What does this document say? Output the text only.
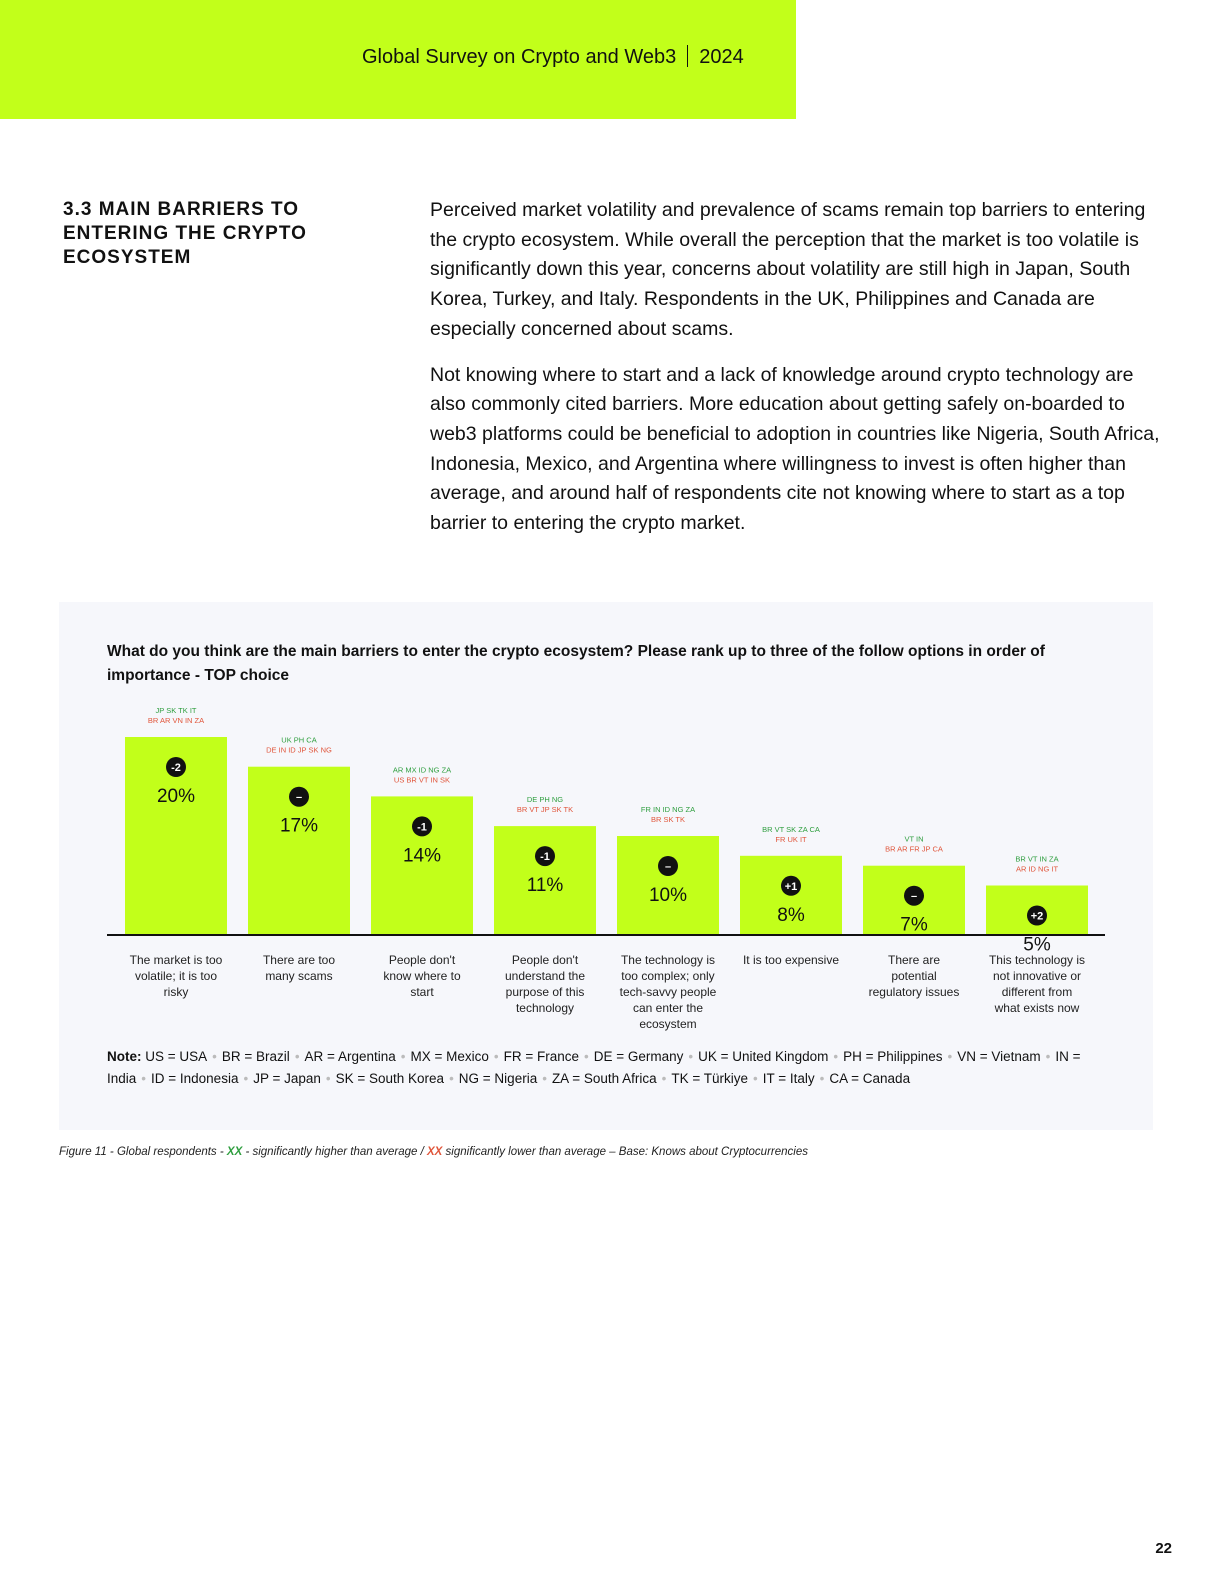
Global Survey on Crypto and Web3 2024
3.3 MAIN BARRIERS TO ENTERING THE CRYPTO ECOSYSTEM

Perceived market volatility and prevalence of scams remain top barriers to entering the crypto ecosystem. While overall the perception that the market is too volatile is significantly down this year, concerns about volatility are still high in Japan, South Korea, Turkey, and Italy. Respondents in the UK, Philippines and Canada are especially concerned about scams.

Not knowing where to start and a lack of knowledge around crypto technology are also commonly cited barriers. More education about getting safely on-boarded to web3 platforms could be beneficial to adoption in countries like Nigeria, South Africa, Indonesia, Mexico, and Argentina where willingness to invest is often higher than average, and around half of respondents cite not knowing where to start as a top barrier to entering the crypto market.

JP SK TK IT
BR AR VN IN ZA
-2
20%
The market is too
volatile; it is too
risky
UK PH CA
DE IN ID JP SK NG
–
17%
There are too
many scams
AR MX ID NG ZA
US BR VT IN SK
-1
14%
People don't
know where to
start
DE PH NG
BR VT JP SK TK
-1
11%
People don't
understand the
purpose of this
technology
FR IN ID NG ZA
BR SK TK
–
10%
The technology is
too complex; only
tech-savvy people
can enter the
ecosystem
BR VT SK ZA CA
FR UK IT
+1
8%
It is too expensive
VT IN
BR AR FR JP CA
–
7%
There are
potential
regulatory issues
BR VT IN ZA
AR ID NG IT
+2
5%
This technology is
not innovative or
different from
what exists now
What do you think are the main barriers to enter the crypto ecosystem? Please rank up to three of the follow options in order of importance - TOP choice
Note: US = USA • BR = Brazil • AR = Argentina • MX = Mexico • FR = France • DE = Germany • UK = United Kingdom • PH = Philippines • VN = Vietnam • IN = India • ID = Indonesia • JP = Japan • SK = South Korea • NG = Nigeria • ZA = South Africa • TK = Türkiye • IT = Italy • CA = Canada
Figure 11 - Global respondents - XX - significantly higher than average / XX significantly lower than average – Base: Knows about Cryptocurrencies
22
